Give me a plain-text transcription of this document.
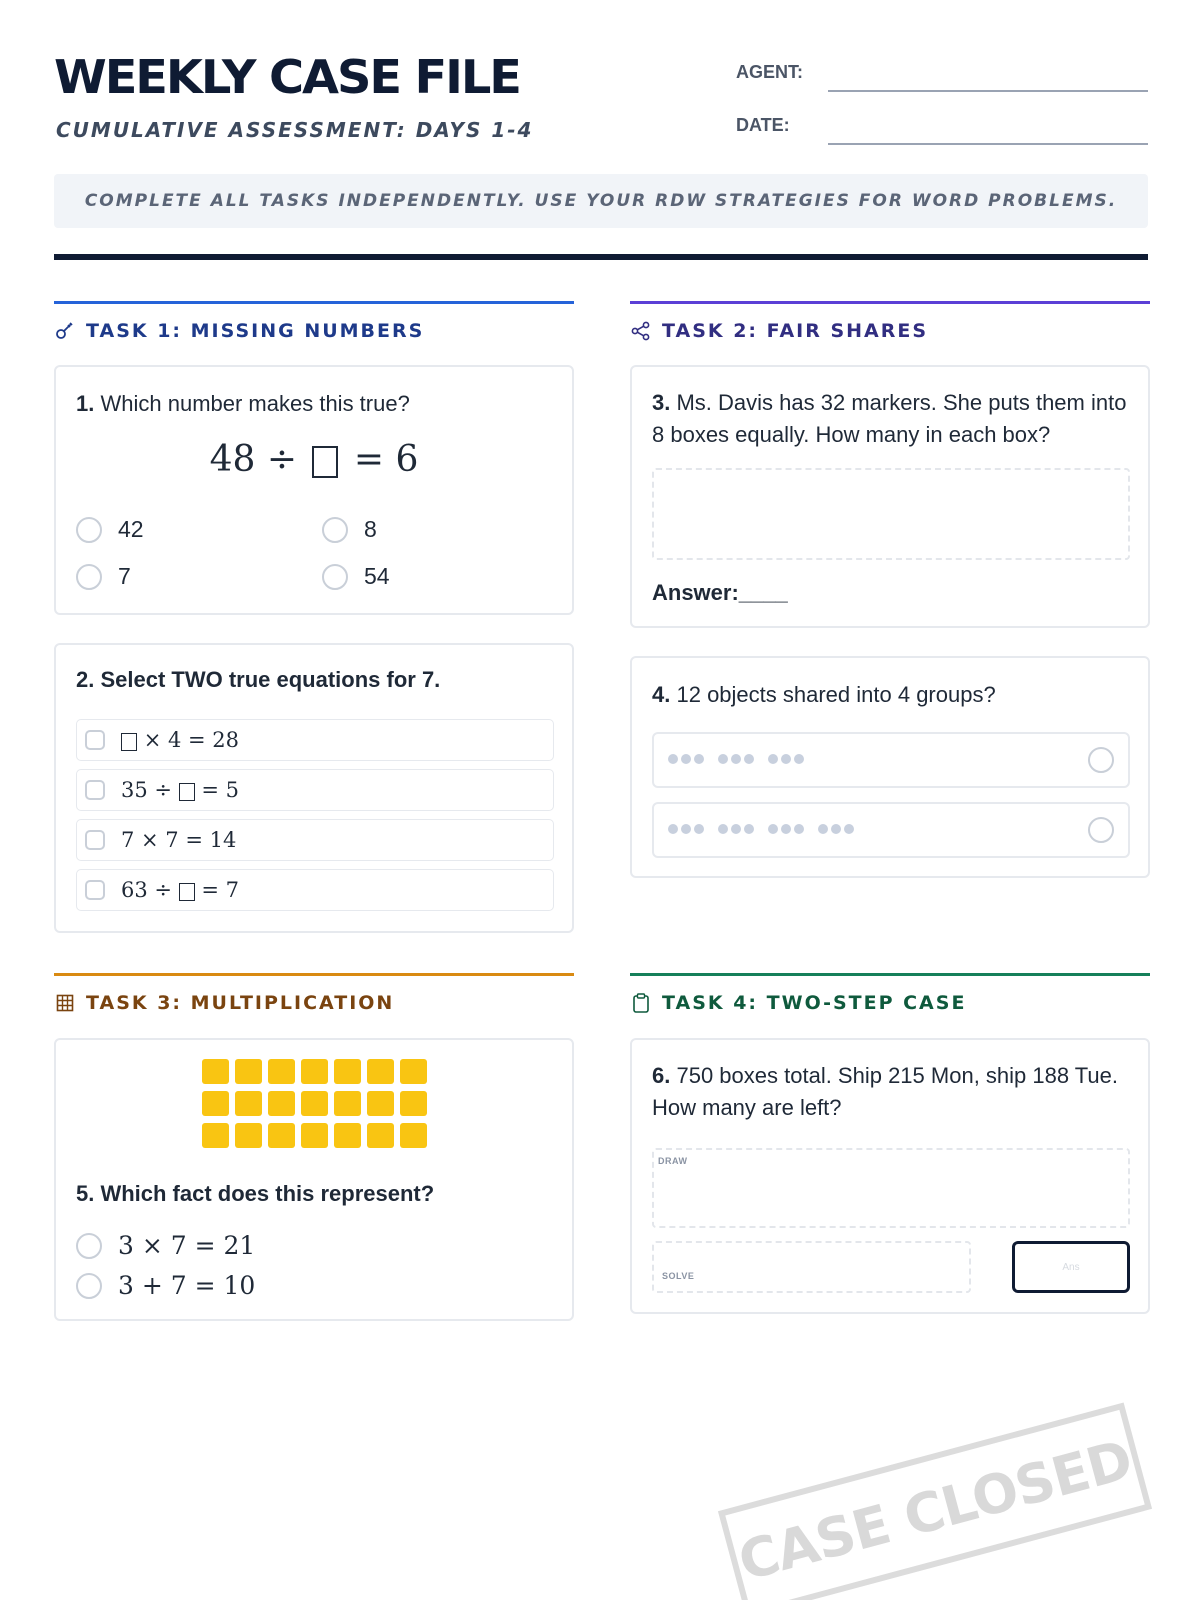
WEEKLY CASE FILE
CUMULATIVE ASSESSMENT: DAYS 1-4
AGENT:
DATE:
COMPLETE ALL TASKS INDEPENDENTLY. USE YOUR RDW STRATEGIES FOR WORD PROBLEMS.
TASK 1: MISSING NUMBERS
1. Which number makes this true?
48 ÷ = 6
42	8
7	54
2. Select TWO true equations for 7.
× 4 = 28
35 ÷ = 5
7 × 7 = 14
63 ÷ = 7
TASK 2: FAIR SHARES
3. Ms. Davis has 32 markers. She puts them into 8 boxes equally. How many in each box?
Answer:____
4. 12 objects shared into 4 groups?
TASK 3: MULTIPLICATION
5. Which fact does this represent?
3 × 7 = 21
3 + 7 = 10
TASK 4: TWO-STEP CASE
6. 750 boxes total. Ship 215 Mon, ship 188 Tue. How many are left?
DRAW
SOLVE
Ans
CASE CLOSED
